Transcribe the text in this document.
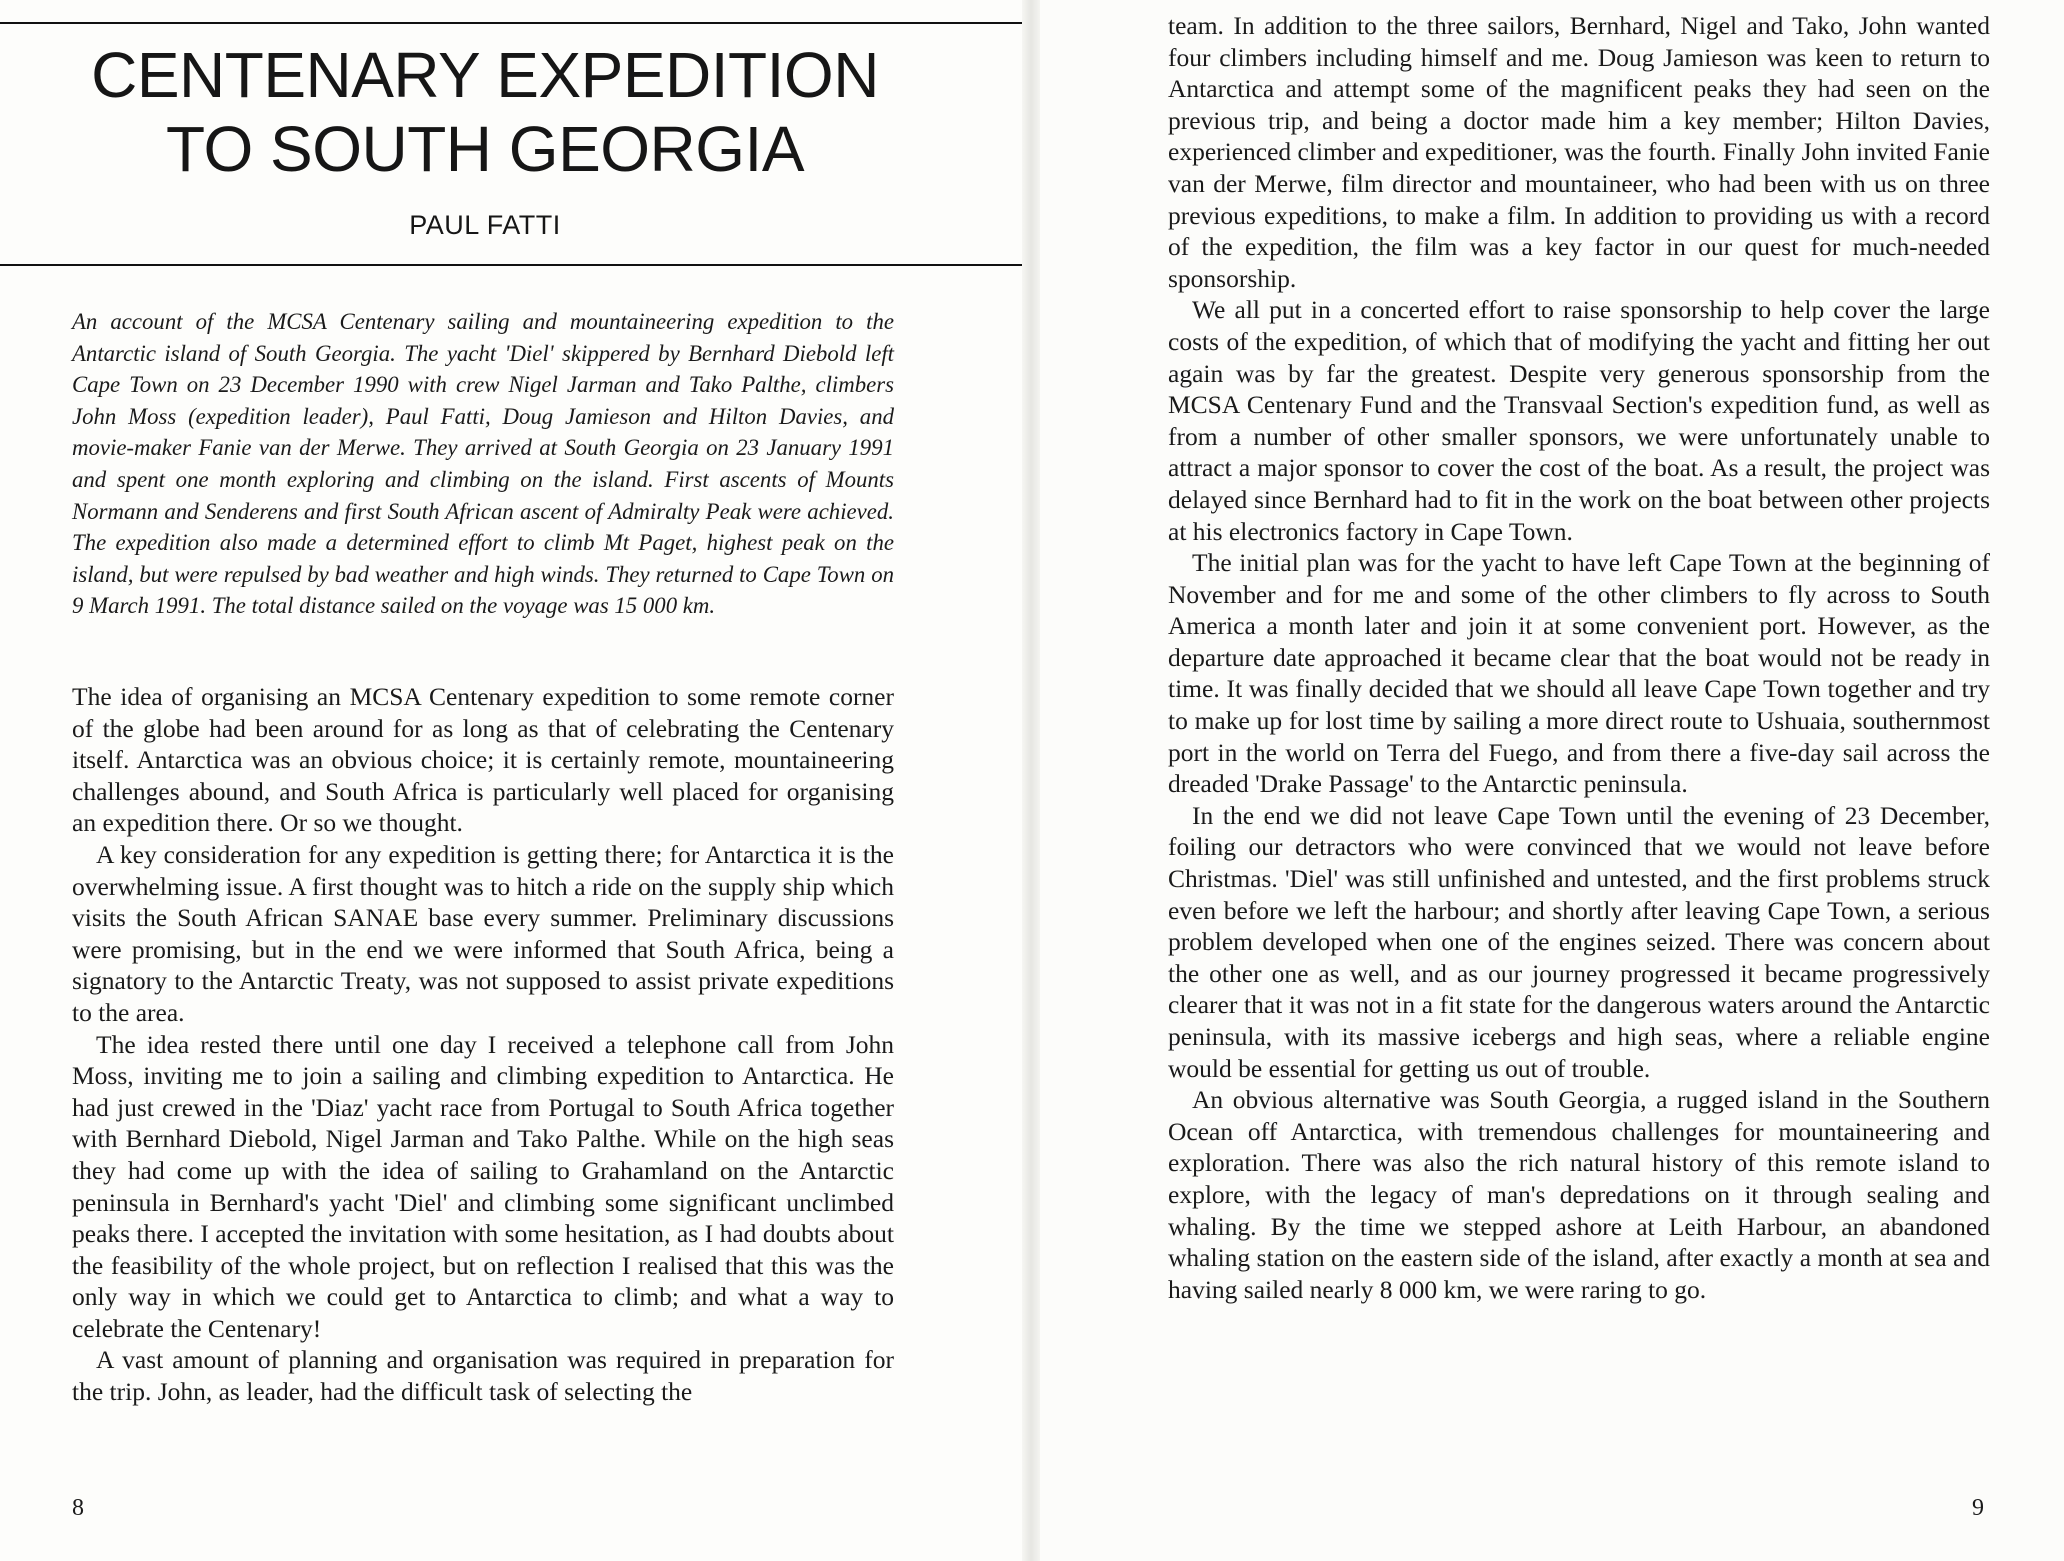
CENTENARY EXPEDITION
TO SOUTH GEORGIA
PAUL FATTI

An account of the MCSA Centenary sailing and mountaineering expedition to the Antarctic island of South Georgia. The yacht 'Diel' skippered by Bernhard Diebold left Cape Town on 23 December 1990 with crew Nigel Jarman and Tako Palthe, climbers John Moss (expedition leader), Paul Fatti, Doug Jamieson and Hilton Davies, and movie-maker Fanie van der Merwe. They arrived at South Georgia on 23 January 1991 and spent one month exploring and climbing on the island. First ascents of Mounts Normann and Senderens and first South African ascent of Admiralty Peak were achieved. The expedition also made a determined effort to climb Mt Paget, highest peak on the island, but were repulsed by bad weather and high winds. They returned to Cape Town on 9 March 1991. The total distance sailed on the voyage was 15 000 km.

The idea of organising an MCSA Centenary expedition to some remote corner of the globe had been around for as long as that of celebrating the Centenary itself. Antarctica was an obvious choice; it is certainly remote, mountaineering challenges abound, and South Africa is particularly well placed for organising an expedition there. Or so we thought.

A key consideration for any expedition is getting there; for Antarctica it is the overwhelming issue. A first thought was to hitch a ride on the supply ship which visits the South African SANAE base every summer. Preliminary discussions were promising, but in the end we were informed that South Africa, being a signatory to the Antarctic Treaty, was not supposed to assist private expeditions to the area.

The idea rested there until one day I received a telephone call from John Moss, inviting me to join a sailing and climbing expedition to Antarctica. He had just crewed in the 'Diaz' yacht race from Portugal to South Africa together with Bernhard Diebold, Nigel Jarman and Tako Palthe. While on the high seas they had come up with the idea of sailing to Grahamland on the Antarctic peninsula in Bernhard's yacht 'Diel' and climbing some significant unclimbed peaks there. I accepted the invitation with some hesitation, as I had doubts about the feasibility of the whole project, but on reflection I realised that this was the only way in which we could get to Antarctica to climb; and what a way to celebrate the Centenary!

A vast amount of planning and organisation was required in preparation for the trip. John, as leader, had the difficult task of selecting the

8

team. In addition to the three sailors, Bernhard, Nigel and Tako, John wanted four climbers including himself and me. Doug Jamieson was keen to return to Antarctica and attempt some of the magnificent peaks they had seen on the previous trip, and being a doctor made him a key member; Hilton Davies, experienced climber and expeditioner, was the fourth. Finally John invited Fanie van der Merwe, film director and mountaineer, who had been with us on three previous expeditions, to make a film. In addition to providing us with a record of the expedition, the film was a key factor in our quest for much-needed sponsorship.

We all put in a concerted effort to raise sponsorship to help cover the large costs of the expedition, of which that of modifying the yacht and fitting her out again was by far the greatest. Despite very generous sponsorship from the MCSA Centenary Fund and the Transvaal Section's expedition fund, as well as from a number of other smaller sponsors, we were unfortunately unable to attract a major sponsor to cover the cost of the boat. As a result, the project was delayed since Bernhard had to fit in the work on the boat between other projects at his electronics factory in Cape Town.

The initial plan was for the yacht to have left Cape Town at the beginning of November and for me and some of the other climbers to fly across to South America a month later and join it at some convenient port. However, as the departure date approached it became clear that the boat would not be ready in time. It was finally decided that we should all leave Cape Town together and try to make up for lost time by sailing a more direct route to Ushuaia, southernmost port in the world on Terra del Fuego, and from there a five-day sail across the dreaded 'Drake Passage' to the Antarctic peninsula.

In the end we did not leave Cape Town until the evening of 23 December, foiling our detractors who were convinced that we would not leave before Christmas. 'Diel' was still unfinished and untested, and the first problems struck even before we left the harbour; and shortly after leaving Cape Town, a serious problem developed when one of the engines seized. There was concern about the other one as well, and as our journey progressed it became progressively clearer that it was not in a fit state for the dangerous waters around the Antarctic peninsula, with its massive icebergs and high seas, where a reliable engine would be essential for getting us out of trouble.

An obvious alternative was South Georgia, a rugged island in the Southern Ocean off Antarctica, with tremendous challenges for mountaineering and exploration. There was also the rich natural history of this remote island to explore, with the legacy of man's depredations on it through sealing and whaling. By the time we stepped ashore at Leith Harbour, an abandoned whaling station on the eastern side of the island, after exactly a month at sea and having sailed nearly 8 000 km, we were raring to go.

9
